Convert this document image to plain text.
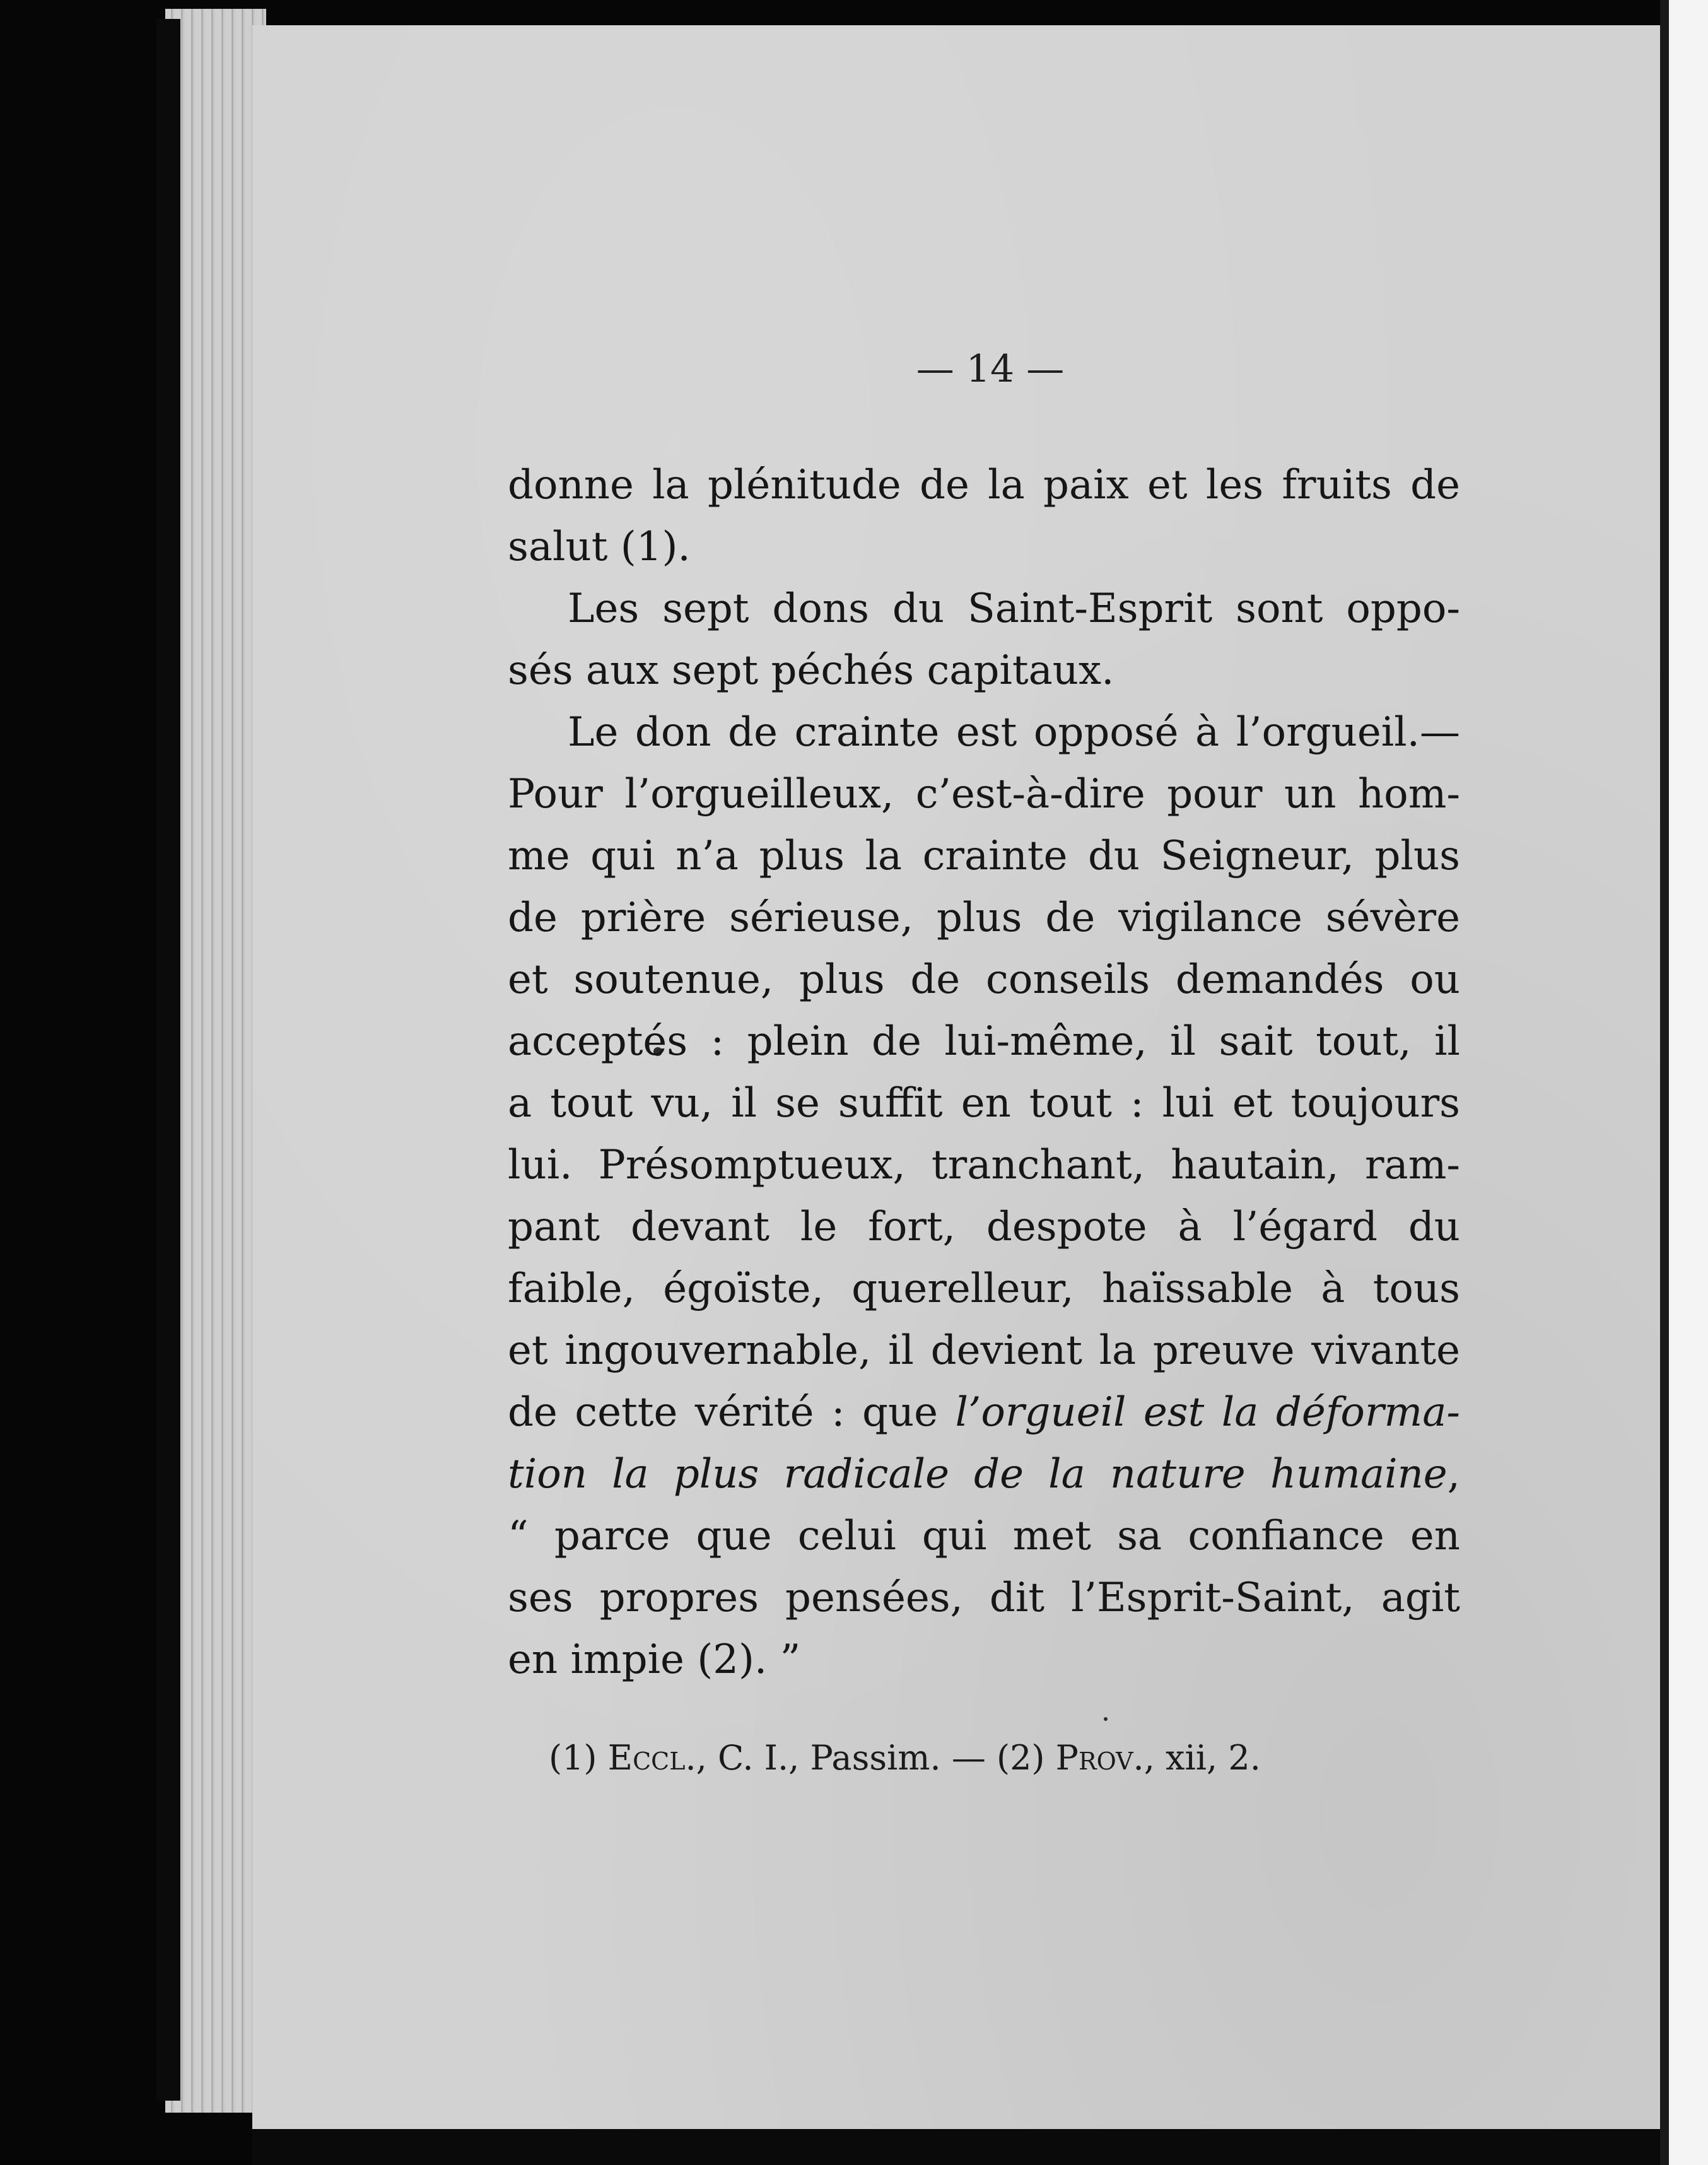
— 14 —
donne la plénitude de la paix et les fruits de
salut (1).
Les sept dons du Saint-Esprit sont oppo-
sés aux sept péchés capitaux.
Le don de crainte est opposé à l’orgueil.—
Pour l’orgueilleux, c’est-à-dire pour un hom-
me qui n’a plus la crainte du Seigneur, plus
de prière sérieuse, plus de vigilance sévère
et soutenue, plus de conseils demandés ou
acceptés : plein de lui-même, il sait tout, il
a tout vu, il se suffit en tout : lui et toujours
lui. Présomptueux, tranchant, hautain, ram-
pant devant le fort, despote à l’égard du
faible, égoïste, querelleur, haïssable à tous
et ingouvernable, il devient la preuve vivante
de cette vérité : que l’orgueil est la déforma-
tion la plus radicale de la nature humaine,
“ parce que celui qui met sa confiance en
ses propres pensées, dit l’Esprit-Saint, agit
en impie (2). ”
(1) Eccl., C. I., Passim. — (2) Prov., xii, 2.
